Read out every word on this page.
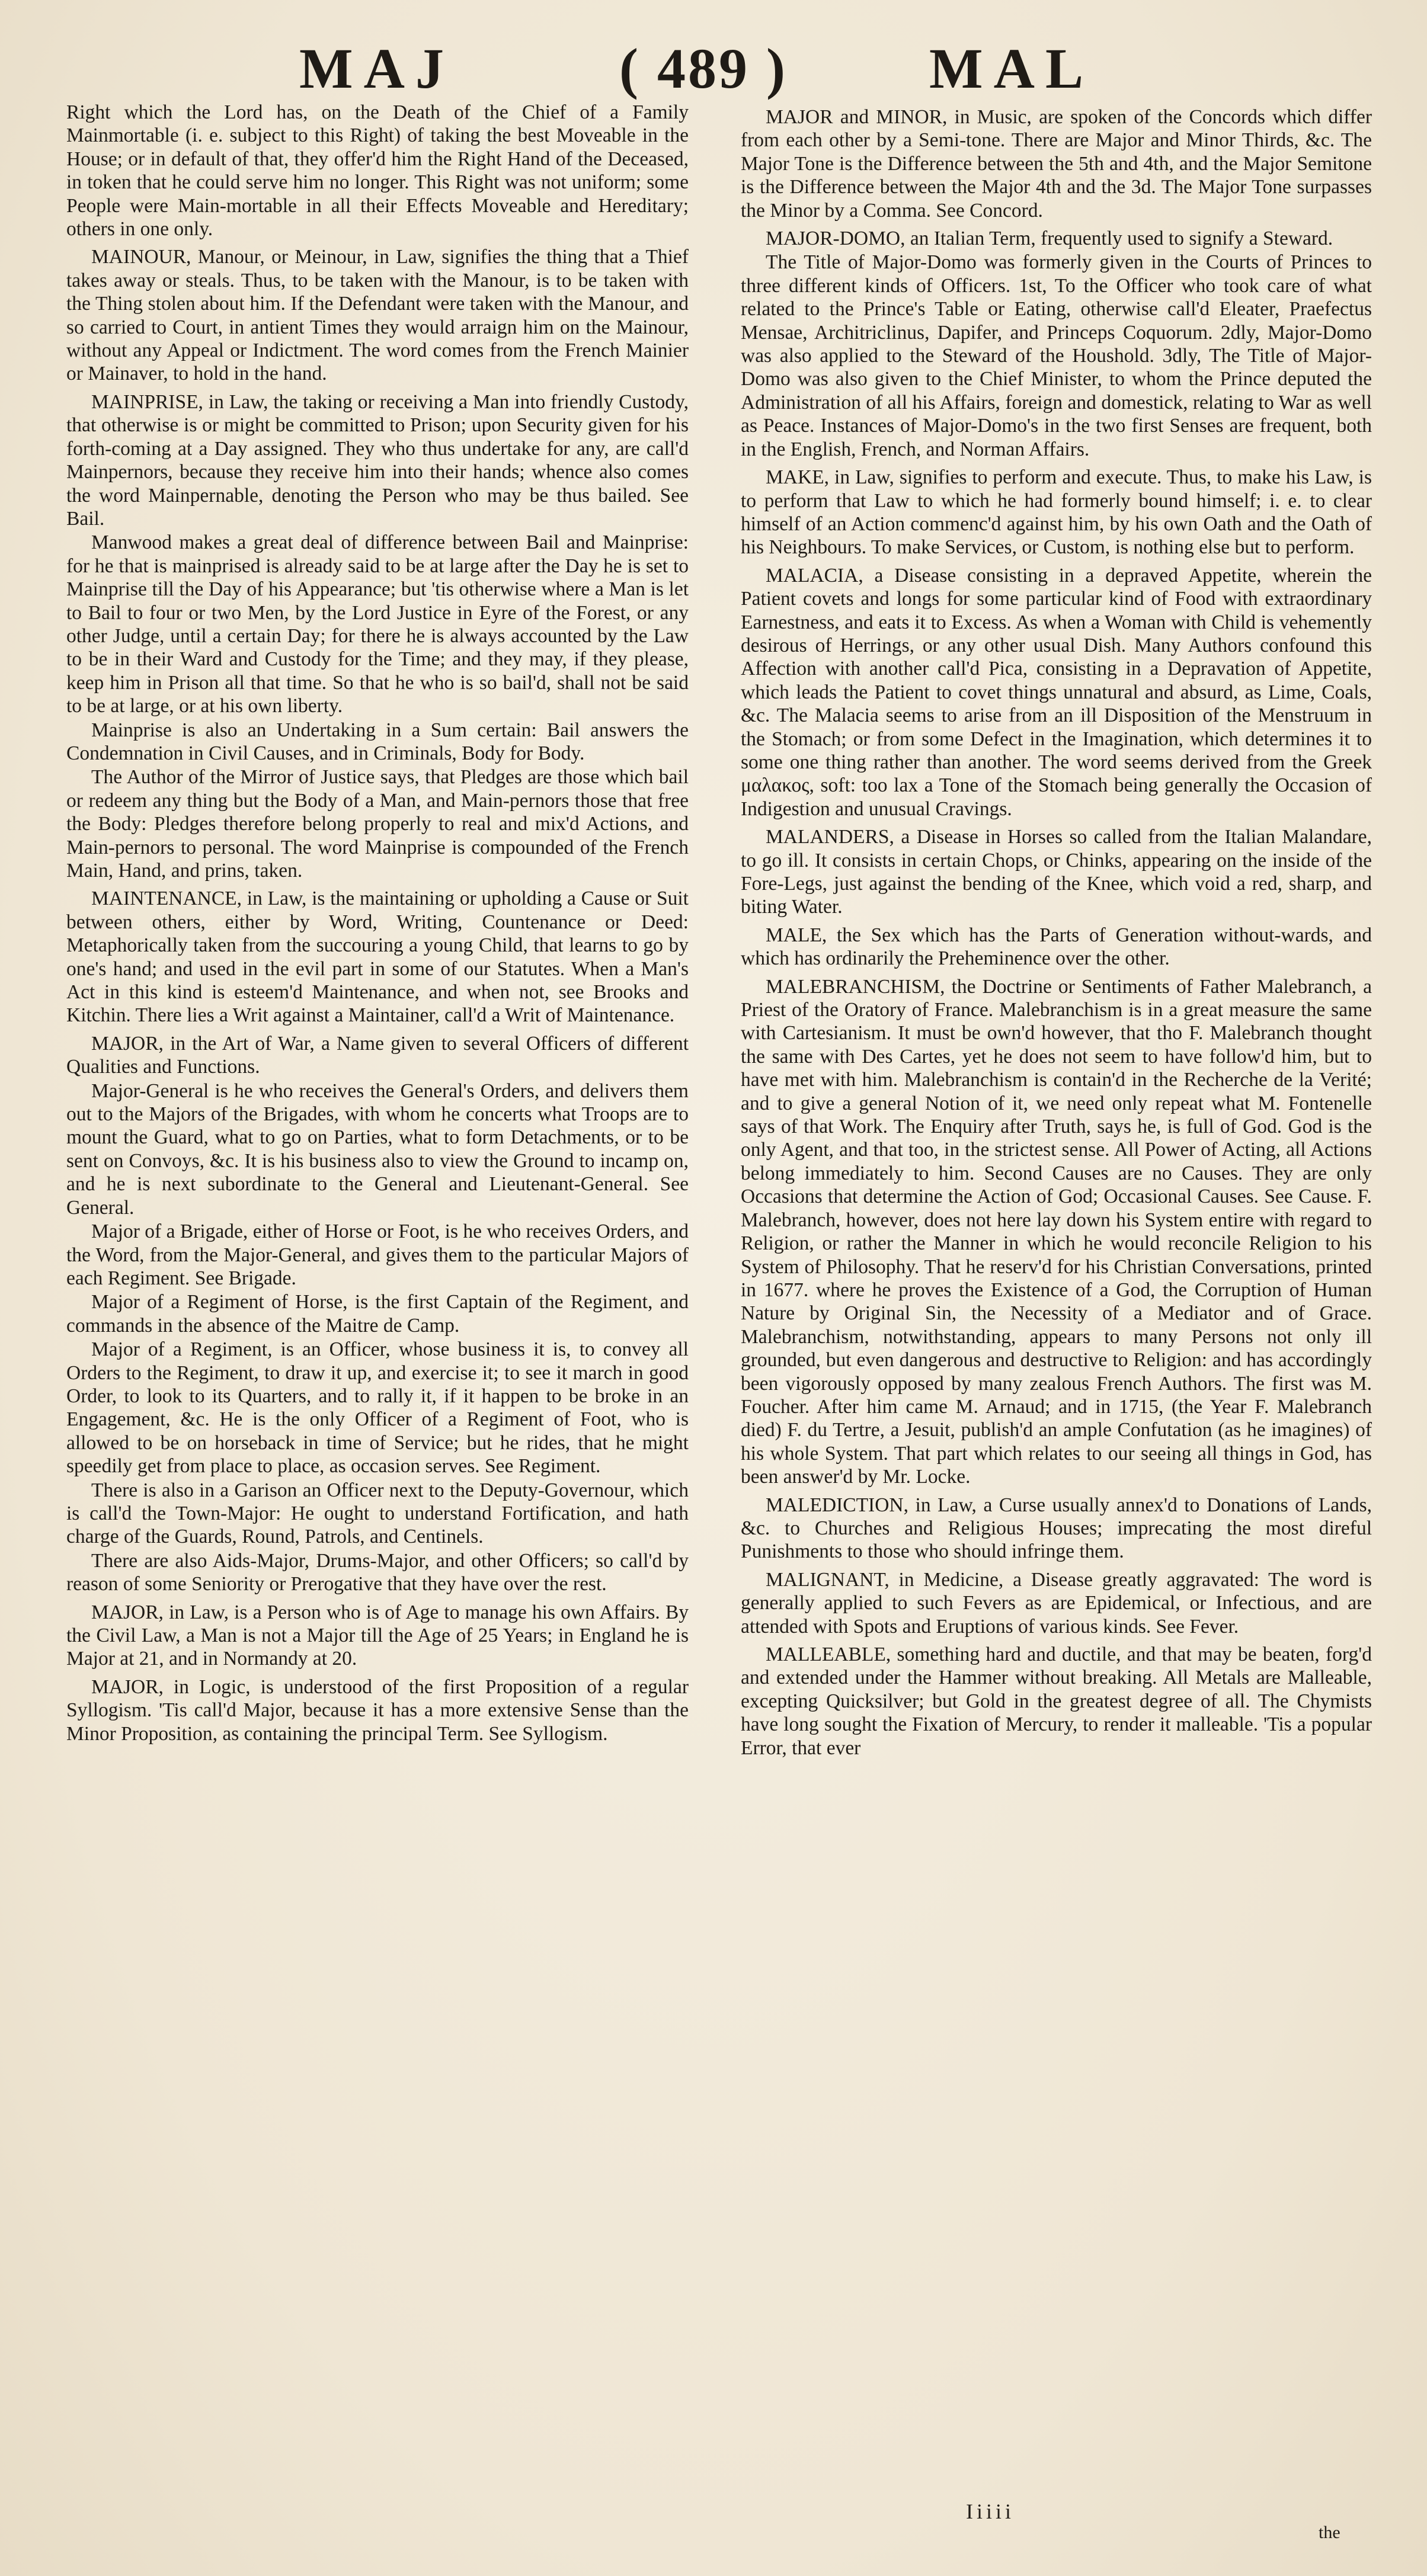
MAJ	( 489 ) MAL

Right which the Lord has, on the Death of the Chief of a Family Mainmortable (i. e. subject to this Right) of taking the best Moveable in the House; or in default of that, they offer'd him the Right Hand of the Deceased, in token that he could serve him no longer. This Right was not uniform; some People were Main-mortable in all their Effects Moveable and Hereditary; others in one only.

MAINOUR, Manour, or Meinour, in Law, signifies the thing that a Thief takes away or steals. Thus, to be taken with the Manour, is to be taken with the Thing stolen about him. If the Defendant were taken with the Manour, and so carried to Court, in antient Times they would arraign him on the Mainour, without any Appeal or Indictment. The word comes from the French Mainier or Mainaver, to hold in the hand.

MAINPRISE, in Law, the taking or receiving a Man into friendly Custody, that otherwise is or might be committed to Prison; upon Security given for his forth-coming at a Day assigned. They who thus undertake for any, are call'd Mainpernors, because they receive him into their hands; whence also comes the word Mainpernable, denoting the Person who may be thus bailed. See Bail.

Manwood makes a great deal of difference between Bail and Mainprise: for he that is mainprised is already said to be at large after the Day he is set to Mainprise till the Day of his Appearance; but 'tis otherwise where a Man is let to Bail to four or two Men, by the Lord Justice in Eyre of the Forest, or any other Judge, until a certain Day; for there he is always accounted by the Law to be in their Ward and Custody for the Time; and they may, if they please, keep him in Prison all that time. So that he who is so bail'd, shall not be said to be at large, or at his own liberty.

Mainprise is also an Undertaking in a Sum certain: Bail answers the Condemnation in Civil Causes, and in Criminals, Body for Body.

The Author of the Mirror of Justice says, that Pledges are those which bail or redeem any thing but the Body of a Man, and Main-pernors those that free the Body: Pledges therefore belong properly to real and mix'd Actions, and Main-pernors to personal. The word Mainprise is compounded of the French Main, Hand, and prins, taken.

MAINTENANCE, in Law, is the maintaining or upholding a Cause or Suit between others, either by Word, Writing, Countenance or Deed: Metaphorically taken from the succouring a young Child, that learns to go by one's hand; and used in the evil part in some of our Statutes. When a Man's Act in this kind is esteem'd Maintenance, and when not, see Brooks and Kitchin. There lies a Writ against a Maintainer, call'd a Writ of Maintenance.

MAJOR, in the Art of War, a Name given to several Officers of different Qualities and Functions.

Major-General is he who receives the General's Orders, and delivers them out to the Majors of the Brigades, with whom he concerts what Troops are to mount the Guard, what to go on Parties, what to form Detachments, or to be sent on Convoys, &c. It is his business also to view the Ground to incamp on, and he is next subordinate to the General and Lieutenant-General. See General.

Major of a Brigade, either of Horse or Foot, is he who receives Orders, and the Word, from the Major-General, and gives them to the particular Majors of each Regiment. See Brigade.

Major of a Regiment of Horse, is the first Captain of the Regiment, and commands in the absence of the Maitre de Camp.

Major of a Regiment, is an Officer, whose business it is, to convey all Orders to the Regiment, to draw it up, and exercise it; to see it march in good Order, to look to its Quarters, and to rally it, if it happen to be broke in an Engagement, &c. He is the only Officer of a Regiment of Foot, who is allowed to be on horseback in time of Service; but he rides, that he might speedily get from place to place, as occasion serves. See Regiment.

There is also in a Garison an Officer next to the Deputy-Governour, which is call'd the Town-Major: He ought to understand Fortification, and hath charge of the Guards, Round, Patrols, and Centinels.

There are also Aids-Major, Drums-Major, and other Officers; so call'd by reason of some Seniority or Prerogative that they have over the rest.

MAJOR, in Law, is a Person who is of Age to manage his own Affairs. By the Civil Law, a Man is not a Major till the Age of 25 Years; in England he is Major at 21, and in Normandy at 20.

MAJOR, in Logic, is understood of the first Proposition of a regular Syllogism. 'Tis call'd Major, because it has a more extensive Sense than the Minor Proposition, as containing the principal Term. See Syllogism.

MAJOR and MINOR, in Music, are spoken of the Concords which differ from each other by a Semi-tone. There are Major and Minor Thirds, &c. The Major Tone is the Difference between the 5th and 4th, and the Major Semitone is the Difference between the Major 4th and the 3d. The Major Tone surpasses the Minor by a Comma. See Concord.

MAJOR-DOMO, an Italian Term, frequently used to signify a Steward.

The Title of Major-Domo was formerly given in the Courts of Princes to three different kinds of Officers. 1st, To the Officer who took care of what related to the Prince's Table or Eating, otherwise call'd Eleater, Praefectus Mensae, Architriclinus, Dapifer, and Princeps Coquorum. 2dly, Major-Domo was also applied to the Steward of the Houshold. 3dly, The Title of Major-Domo was also given to the Chief Minister, to whom the Prince deputed the Administration of all his Affairs, foreign and domestick, relating to War as well as Peace. Instances of Major-Domo's in the two first Senses are frequent, both in the English, French, and Norman Affairs.

MAKE, in Law, signifies to perform and execute. Thus, to make his Law, is to perform that Law to which he had formerly bound himself; i. e. to clear himself of an Action commenc'd against him, by his own Oath and the Oath of his Neighbours. To make Services, or Custom, is nothing else but to perform.

MALACIA, a Disease consisting in a depraved Appetite, wherein the Patient covets and longs for some particular kind of Food with extraordinary Earnestness, and eats it to Excess. As when a Woman with Child is vehemently desirous of Herrings, or any other usual Dish. Many Authors confound this Affection with another call'd Pica, consisting in a Depravation of Appetite, which leads the Patient to covet things unnatural and absurd, as Lime, Coals, &c. The Malacia seems to arise from an ill Disposition of the Menstruum in the Stomach; or from some Defect in the Imagination, which determines it to some one thing rather than another. The word seems derived from the Greek μαλακος, soft: too lax a Tone of the Stomach being generally the Occasion of Indigestion and unusual Cravings.

MALANDERS, a Disease in Horses so called from the Italian Malandare, to go ill. It consists in certain Chops, or Chinks, appearing on the inside of the Fore-Legs, just against the bending of the Knee, which void a red, sharp, and biting Water.

MALE, the Sex which has the Parts of Generation without-wards, and which has ordinarily the Preheminence over the other.

MALEBRANCHISM, the Doctrine or Sentiments of Father Malebranch, a Priest of the Oratory of France. Malebranchism is in a great measure the same with Cartesianism. It must be own'd however, that tho F. Malebranch thought the same with Des Cartes, yet he does not seem to have follow'd him, but to have met with him. Malebranchism is contain'd in the Recherche de la Verité; and to give a general Notion of it, we need only repeat what M. Fontenelle says of that Work. The Enquiry after Truth, says he, is full of God. God is the only Agent, and that too, in the strictest sense. All Power of Acting, all Actions belong immediately to him. Second Causes are no Causes. They are only Occasions that determine the Action of God; Occasional Causes. See Cause. F. Malebranch, however, does not here lay down his System entire with regard to Religion, or rather the Manner in which he would reconcile Religion to his System of Philosophy. That he reserv'd for his Christian Conversations, printed in 1677. where he proves the Existence of a God, the Corruption of Human Nature by Original Sin, the Necessity of a Mediator and of Grace. Malebranchism, notwithstanding, appears to many Persons not only ill grounded, but even dangerous and destructive to Religion: and has accordingly been vigorously opposed by many zealous French Authors. The first was M. Foucher. After him came M. Arnaud; and in 1715, (the Year F. Malebranch died) F. du Tertre, a Jesuit, publish'd an ample Confutation (as he imagines) of his whole System. That part which relates to our seeing all things in God, has been answer'd by Mr. Locke.

MALEDICTION, in Law, a Curse usually annex'd to Donations of Lands, &c. to Churches and Religious Houses; imprecating the most direful Punishments to those who should infringe them.

MALIGNANT, in Medicine, a Disease greatly aggravated: The word is generally applied to such Fevers as are Epidemical, or Infectious, and are attended with Spots and Eruptions of various kinds. See Fever.

MALLEABLE, something hard and ductile, and that may be beaten, forg'd and extended under the Hammer without breaking. All Metals are Malleable, excepting Quicksilver; but Gold in the greatest degree of all. The Chymists have long sought the Fixation of Mercury, to render it malleable. 'Tis a popular Error, that ever

Iiiii
the
